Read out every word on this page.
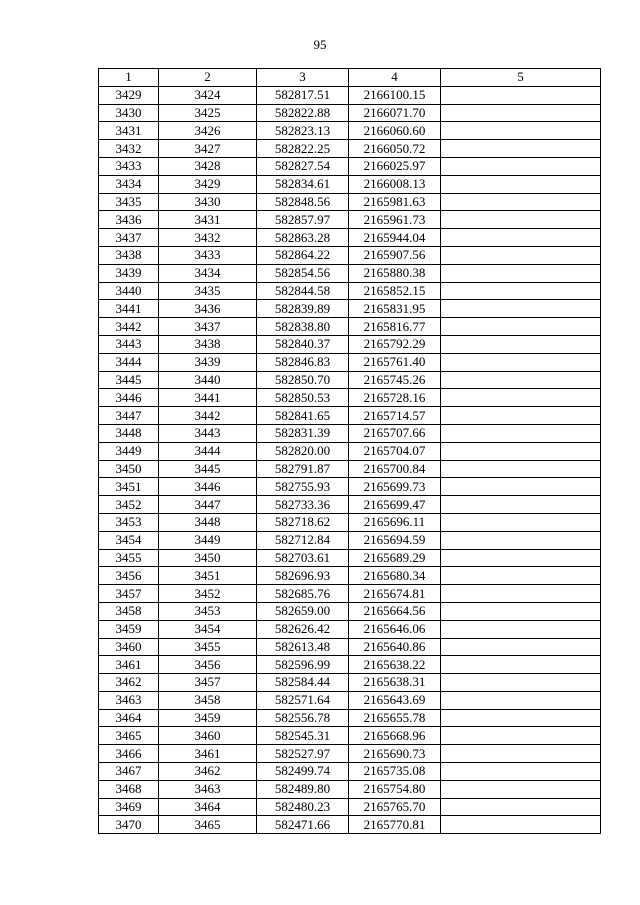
95
1	2	3	4	5
3429	3424	582817.51	2166100.15	
3430	3425	582822.88	2166071.70	
3431	3426	582823.13	2166060.60	
3432	3427	582822.25	2166050.72	
3433	3428	582827.54	2166025.97	
3434	3429	582834.61	2166008.13	
3435	3430	582848.56	2165981.63	
3436	3431	582857.97	2165961.73	
3437	3432	582863.28	2165944.04	
3438	3433	582864.22	2165907.56	
3439	3434	582854.56	2165880.38	
3440	3435	582844.58	2165852.15	
3441	3436	582839.89	2165831.95	
3442	3437	582838.80	2165816.77	
3443	3438	582840.37	2165792.29	
3444	3439	582846.83	2165761.40	
3445	3440	582850.70	2165745.26	
3446	3441	582850.53	2165728.16	
3447	3442	582841.65	2165714.57	
3448	3443	582831.39	2165707.66	
3449	3444	582820.00	2165704.07	
3450	3445	582791.87	2165700.84	
3451	3446	582755.93	2165699.73	
3452	3447	582733.36	2165699.47	
3453	3448	582718.62	2165696.11	
3454	3449	582712.84	2165694.59	
3455	3450	582703.61	2165689.29	
3456	3451	582696.93	2165680.34	
3457	3452	582685.76	2165674.81	
3458	3453	582659.00	2165664.56	
3459	3454	582626.42	2165646.06	
3460	3455	582613.48	2165640.86	
3461	3456	582596.99	2165638.22	
3462	3457	582584.44	2165638.31	
3463	3458	582571.64	2165643.69	
3464	3459	582556.78	2165655.78	
3465	3460	582545.31	2165668.96	
3466	3461	582527.97	2165690.73	
3467	3462	582499.74	2165735.08	
3468	3463	582489.80	2165754.80	
3469	3464	582480.23	2165765.70	
3470	3465	582471.66	2165770.81	
